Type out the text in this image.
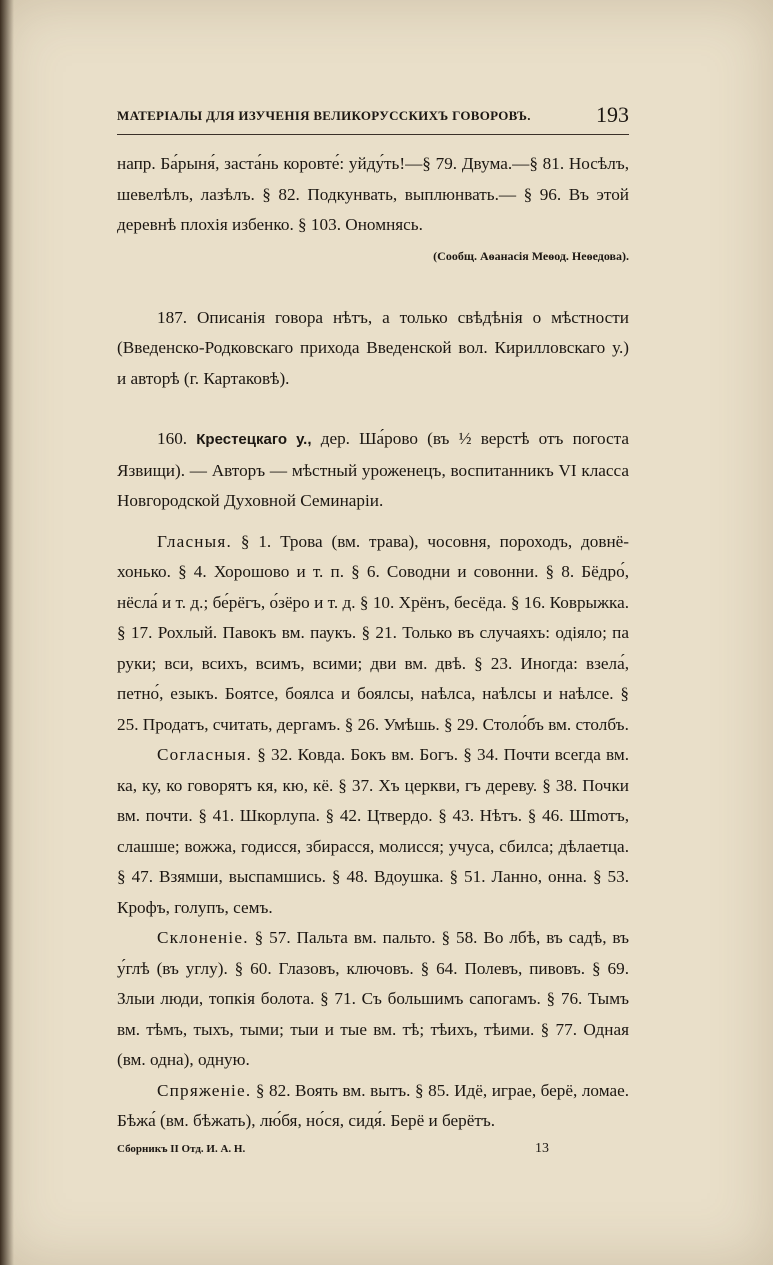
МАТЕРІАЛЫ ДЛЯ ИЗУЧЕНІЯ ВЕЛИКОРУССКИХЪ ГОВОРОВЪ.	193

напр. Ба́рыня́, заста́нь коровте́: уйду́ть!—§ 79. Двума.—§ 81. Носѣлъ, шевелѣлъ, лазѣлъ. § 82. Подкунвать, выплюнвать.— § 96. Въ этой деревнѣ плохія избенко. § 103. Ономнясь.

(Сообщ. Аѳанасія Меѳод. Неѳедова).

187. Описанія говора нѣтъ, а только свѣдѣнія о мѣстности (Введенско-Родковскаго прихода Введенской вол. Кирилловскаго у.) и авторѣ (г. Картаковѣ).

160. Крестецкаго у., дер. Ша́рово (въ ½ верстѣ отъ погоста Язвищи). — Авторъ — мѣстный уроженецъ, воспитанникъ VI класса Новгородской Духовной Семинаріи.

Гласныя. § 1. Трова (вм. трава), чосовня, пороходъ, довнё-хонько. § 4. Хорошово и т. п. § 6. Соводни и совонни. § 8. Бёдро́, нёсла́ и т. д.; бе́рёгъ, о́зёро и т. д. § 10. Хрёнъ, бесёда. § 16. Коврыжка. § 17. Рохлый. Павокъ вм. паукъ. § 21. Только въ случаяхъ: одіяло; па руки; вси, всихъ, всимъ, всими; дви вм. двѣ. § 23. Иногда: взела́, петно́, езыкъ. Боятсе, боялса и боялсы, наѣлса, наѣлсы и наѣлсе. § 25. Продатъ, считать, дергамъ. § 26. Умѣшь. § 29. Столо́бъ вм. столбъ.

Согласныя. § 32. Ковда. Бокъ вм. Богъ. § 34. Почти всегда вм. ка, ку, ко говорятъ кя, кю, кё. § 37. Хъ церкви, гъ дереву. § 38. Почки вм. почти. § 41. Шкорлупа. § 42. Цтвердо. § 43. Нѣтъ. § 46. Шmотъ, слашше; вожжа, годисся, збирасся, молисся; учуса, сбилса; дѣлаетца. § 47. Взямши, выспамшись. § 48. Вдоушка. § 51. Ланно, онна. § 53. Крофъ, голупъ, семъ.

Склоненіе. § 57. Пальта вм. пальто. § 58. Во лбѣ, въ садѣ, въ у́глѣ (въ углу). § 60. Глазовъ, ключовъ. § 64. Полевъ, пивовъ. § 69. Злыи люди, топкія болота. § 71. Съ большимъ сапогамъ. § 76. Тымъ вм. тѣмъ, тыхъ, тыми; тыи и тые вм. тѣ; тѣихъ, тѣими. § 77. Одная (вм. одна), одную.

Спряженіе. § 82. Воять вм. вытъ. § 85. Идё, играе, берё, ломае. Бѣжа́ (вм. бѣжать), лю́бя, но́ся, сидя́. Берё и берётъ.

Сборникъ II Отд. И. А. Н.	13
